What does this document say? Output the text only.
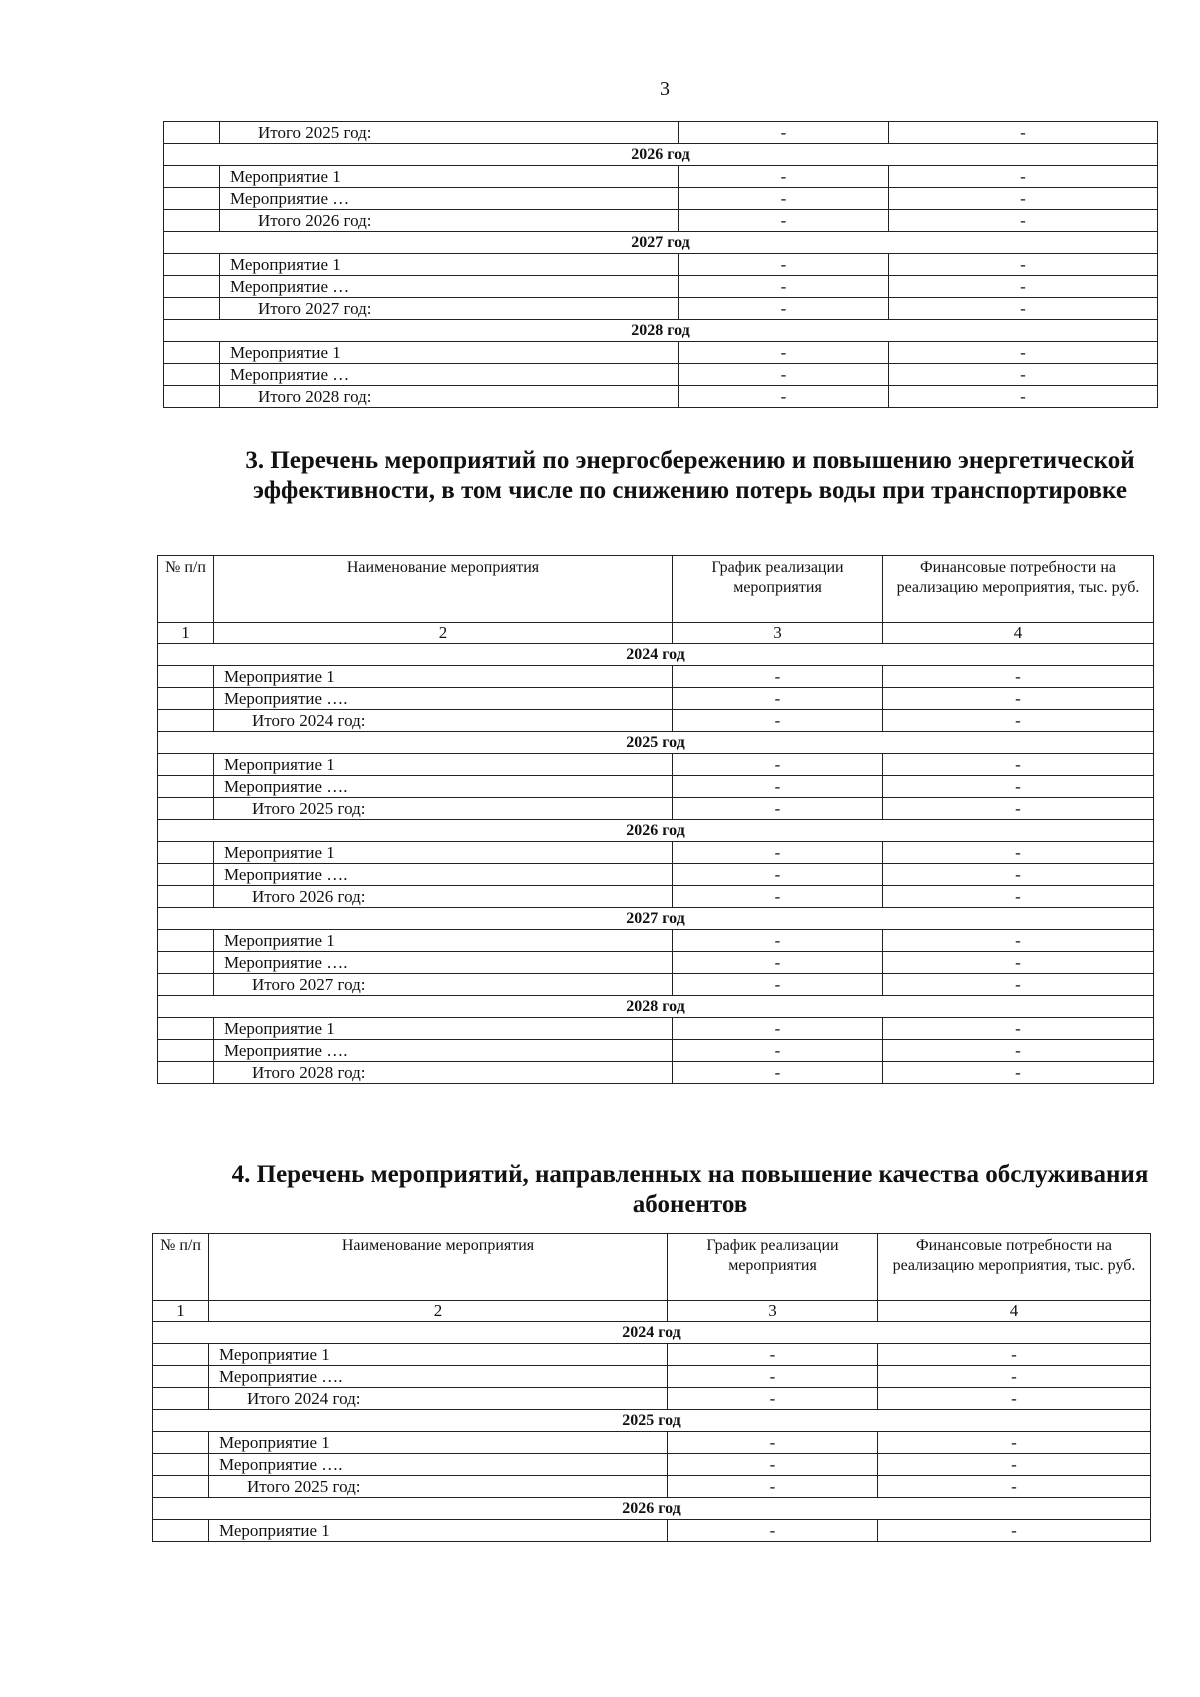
3
	Итого 2025 год:	-	-
2026 год			
	Мероприятие 1	-	-
	Мероприятие …	-	-
	Итого 2026 год:	-	-
2027 год			
	Мероприятие 1	-	-
	Мероприятие …	-	-
	Итого 2027 год:	-	-
2028 год			
	Мероприятие 1	-	-
	Мероприятие …	-	-
	Итого 2028 год:	-	-
3. Перечень мероприятий по энергосбережению и повышению энергетической эффективности, в том числе по снижению потерь воды при транспортировке
№ п/п	Наименование мероприятия	График реализации мероприятия	Финансовые потребности на реализацию мероприятия, тыс. руб.
1	2	3	4
2024 год			
	Мероприятие 1	-	-
	Мероприятие ….	-	-
	Итого 2024 год:	-	-
2025 год			
	Мероприятие 1	-	-
	Мероприятие ….	-	-
	Итого 2025 год:	-	-
2026 год			
	Мероприятие 1	-	-
	Мероприятие ….	-	-
	Итого 2026 год:	-	-
2027 год			
	Мероприятие 1	-	-
	Мероприятие ….	-	-
	Итого 2027 год:	-	-
2028 год			
	Мероприятие 1	-	-
	Мероприятие ….	-	-
	Итого 2028 год:	-	-
4. Перечень мероприятий, направленных на повышение качества обслуживания абонентов
№ п/п	Наименование мероприятия	График реализации мероприятия	Финансовые потребности на реализацию мероприятия, тыс. руб.
1	2	3	4
2024 год			
	Мероприятие 1	-	-
	Мероприятие ….	-	-
	Итого 2024 год:	-	-
2025 год			
	Мероприятие 1	-	-
	Мероприятие ….	-	-
	Итого 2025 год:	-	-
2026 год			
	Мероприятие 1	-	-
